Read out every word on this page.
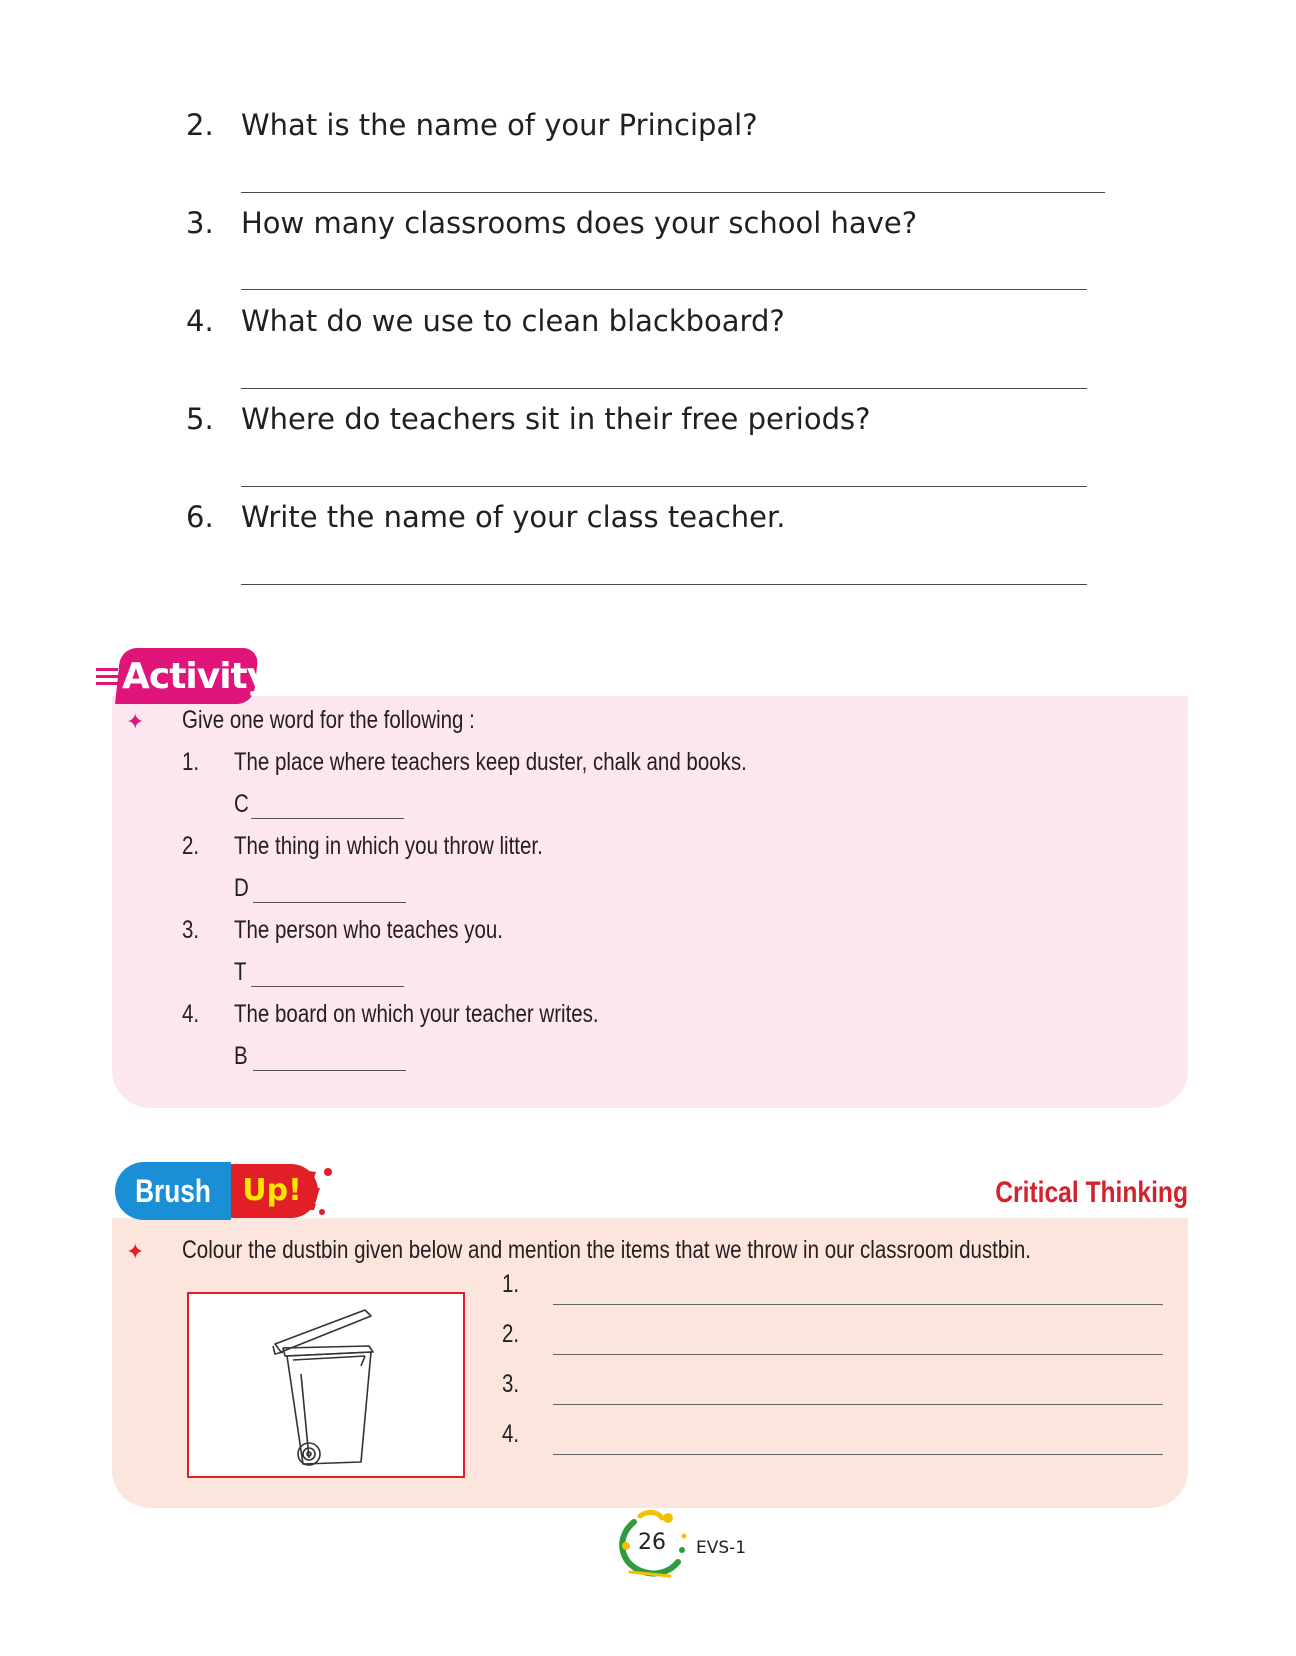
2. What is the name of your Principal?
3. How many classrooms does your school have?
4. What do we use to clean blackboard?
5. Where do teachers sit in their free periods?
6. Write the name of your class teacher.
Activity
✦ Give one word for the following :
1. The place where teachers keep duster, chalk and books.
C
2. The thing in which you throw litter.
D
3. The person who teaches you.
T
4. The board on which your teacher writes.
B
Brush	Up!	Critical Thinking
✦ Colour the dustbin given below and mention the items that we throw in our classroom dustbin.
1.
2.
3.
4.
26	EVS-1
